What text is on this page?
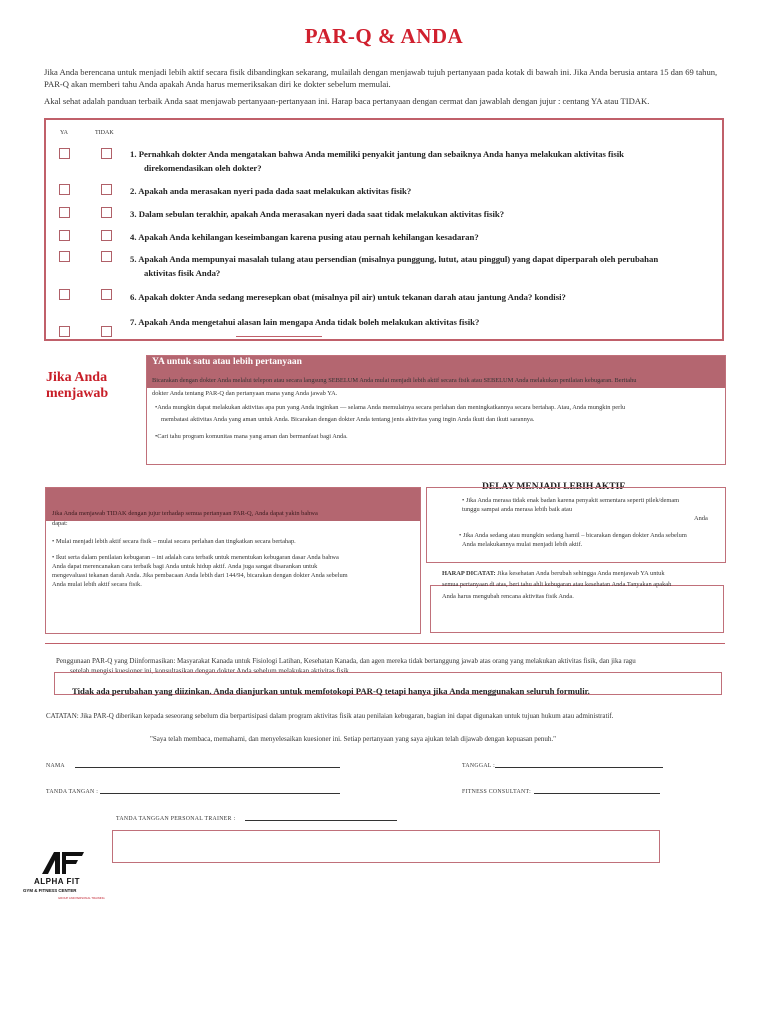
PAR-Q & ANDA
Jika Anda berencana untuk menjadi lebih aktif secara fisik dibandingkan sekarang, mulailah dengan menjawab tujuh pertanyaan pada kotak di bawah ini. Jika Anda berusia antara 15 dan 69 tahun, PAR-Q akan memberi tahu Anda apakah Anda harus memeriksakan diri ke dokter sebelum memulai.
Akal sehat adalah panduan terbaik Anda saat menjawab pertanyaan-pertanyaan ini. Harap baca pertanyaan dengan cermat dan jawablah dengan jujur : centang YA atau TIDAK.
YA	TIDAK
1. Pernahkah dokter Anda mengatakan bahwa Anda memiliki penyakit jantung dan sebaiknya Anda hanya melakukan aktivitas fisik
direkomendasikan oleh dokter?
2. Apakah anda merasakan nyeri pada dada saat melakukan aktivitas fisik?
3. Dalam sebulan terakhir, apakah Anda merasakan nyeri dada saat tidak melakukan aktivitas fisik?
4. Apakah Anda kehilangan keseimbangan karena pusing atau pernah kehilangan kesadaran?
5. Apakah Anda mempunyai masalah tulang atau persendian (misalnya punggung, lutut, atau pinggul) yang dapat diperparah oleh perubahan
aktivitas fisik Anda?
6. Apakah dokter Anda sedang meresepkan obat (misalnya pil air) untuk tekanan darah atau jantung Anda? kondisi?
7. Apakah Anda mengetahui alasan lain mengapa Anda tidak boleh melakukan aktivitas fisik?
Jika Anda
menjawab
YA untuk satu atau lebih pertanyaan
Bicarakan dengan dokter Anda melalui telepon atau secara langsung SEBELUM Anda mulai menjadi lebih aktif secara fisik atau SEBELUM Anda melakukan penilaian kebugaran. Beritahu
dokter Anda tentang PAR-Q dan pertanyaan mana yang Anda jawab YA.
•Anda mungkin dapat melakukan aktivitas apa pun yang Anda inginkan — selama Anda memulainya secara perlahan dan meningkatkannya secara bertahap. Atau, Anda mungkin perlu
membatasi aktivitas Anda yang aman untuk Anda. Bicarakan dengan dokter Anda tentang jenis aktivitas yang ingin Anda ikuti dan ikuti sarannya.
•Cari tahu program komunitas mana yang aman dan bermanfaat bagi Anda.
Jika Anda menjawab TIDAK dengan jujur terhadap semua pertanyaan PAR-Q, Anda dapat yakin bahwa
dapat:
• Mulai menjadi lebih aktif secara fisik – mulai secara perlahan dan tingkatkan secara bertahap.
• Ikut serta dalam penilaian kebugaran – ini adalah cara terbaik untuk menentukan kebugaran dasar Anda bahwa
Anda dapat merencanakan cara terbaik bagi Anda untuk hidup aktif. Anda juga sangat disarankan untuk
mengevaluasi tekanan darah Anda. Jika pembacaan Anda lebih dari 144/94, bicarakan dengan dokter Anda sebelum
Anda mulai lebih aktif secara fisik.
DELAY MENJADI LEBIH AKTIF
• Jika Anda merasa tidak enak badan karena penyakit sementara seperti pilek/demam
tunggu sampai anda merasa lebih baik atau
Anda
• Jika Anda sedang atau mungkin sedang hamil – bicarakan dengan dokter Anda sebelum
Anda melakukannya mulai menjadi lebih aktif.
HARAP DICATAT: Jika kesehatan Anda berubah sehingga Anda menjawab YA untuk
semua pertanyaan di atas, beri tahu ahli kebugaran atau kesehatan Anda.Tanyakan apakah
Anda harus mengubah rencana aktivitas fisik Anda.
Penggunaan PAR-Q yang Diinformasikan: Masyarakat Kanada untuk Fisiologi Latihan, Kesehatan Kanada, dan agen mereka tidak bertanggung jawab atas orang yang melakukan aktivitas fisik, dan jika ragu
setelah mengisi kuesioner ini, konsultasikan dengan dokter Anda sebelum melakukan aktivitas fisik.
Tidak ada perubahan yang diizinkan. Anda dianjurkan untuk memfotokopi PAR-Q tetapi hanya jika Anda menggunakan seluruh formulir.
CATATAN: Jika PAR-Q diberikan kepada seseorang sebelum dia berpartisipasi dalam program aktivitas fisik atau penilaian kebugaran, bagian ini dapat digunakan untuk tujuan hukum atau administratif.
"Saya telah membaca, memahami, dan menyelesaikan kuesioner ini. Setiap pertanyaan yang saya ajukan telah dijawab dengan kepuasan penuh."
NAMA	TANGGAL :
TANDA TANGAN :	FITNESS CONSULTANT:
TANDA TANGGAN PERSONAL TRAINER :
ALPHA FIT
GYM & FITNESS CENTER
GROUP AND PERSONAL TRAINING
